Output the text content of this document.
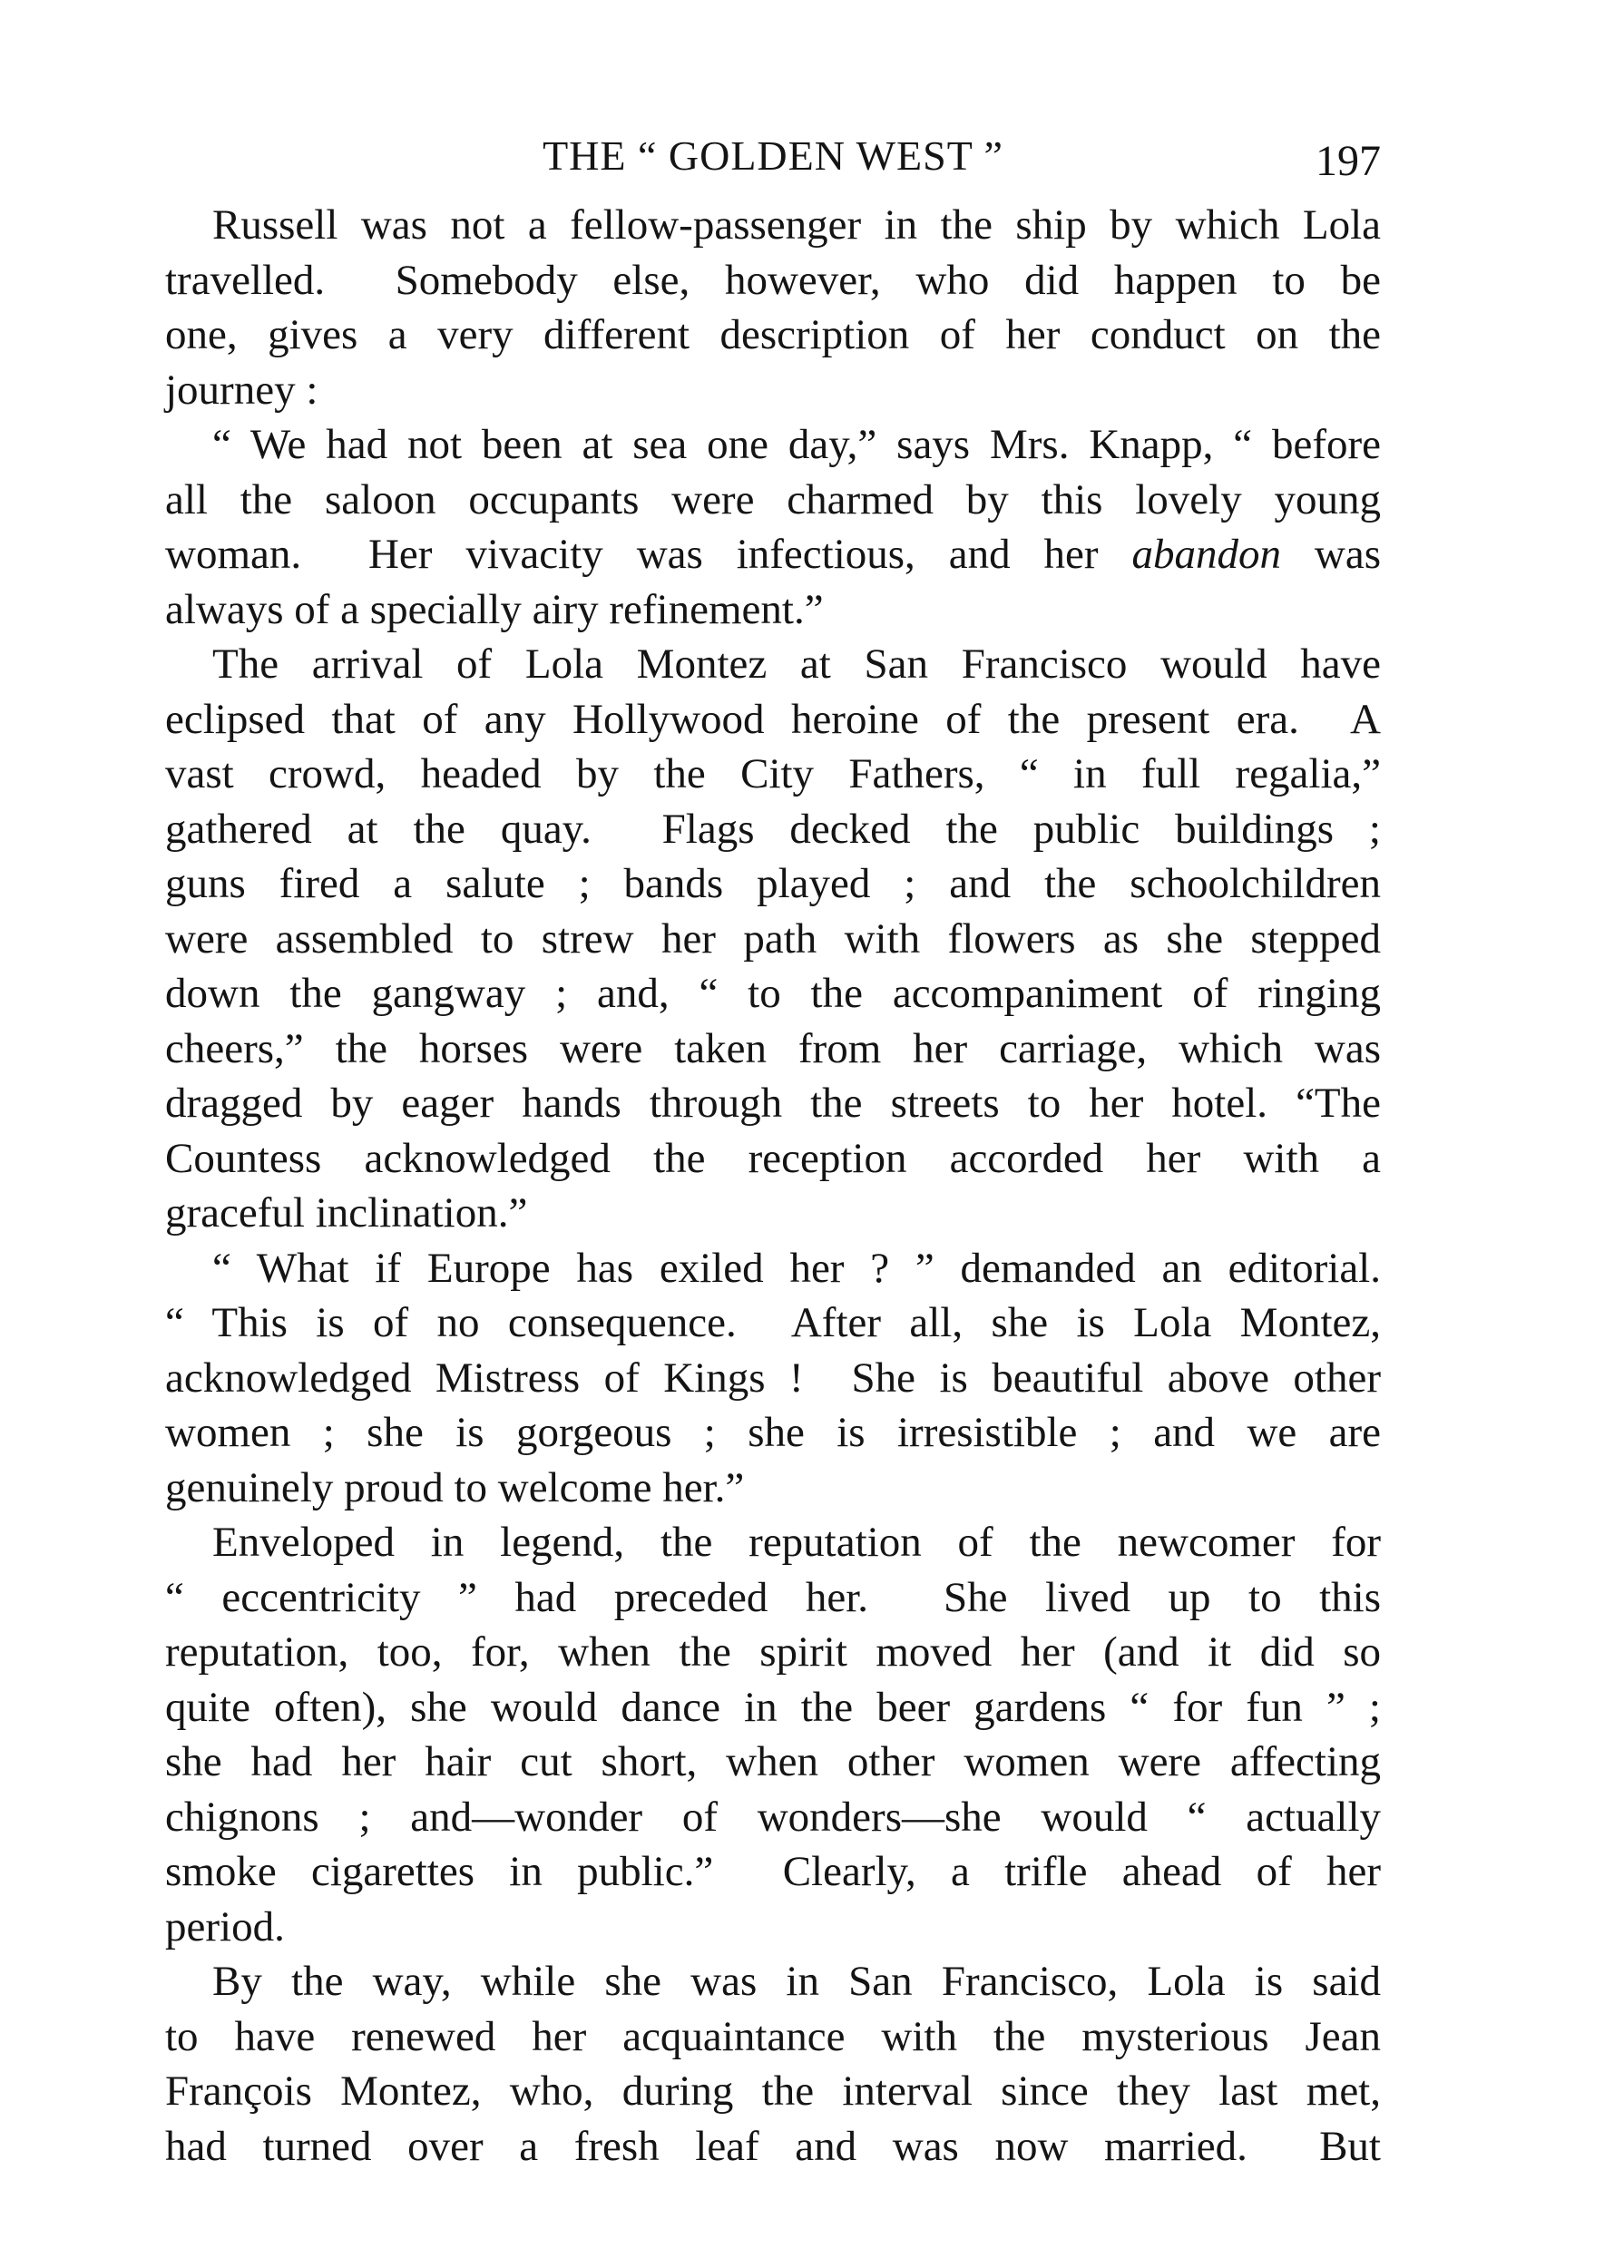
THE “ GOLDEN WEST ”	197
Russell was not a fellow-passenger in the ship by which Lola
travelled.  Somebody else, however, who did happen to be
one, gives a very different description of her conduct on the
journey :
“ We had not been at sea one day,” says Mrs. Knapp, “ before
all the saloon occupants were charmed by this lovely young
woman.  Her vivacity was infectious, and her abandon was
always of a specially airy refinement.”
The arrival of Lola Montez at San Francisco would have
eclipsed that of any Hollywood heroine of the present era.  A
vast crowd, headed by the City Fathers, “ in full regalia,”
gathered at the quay.  Flags decked the public buildings ;
guns fired a salute ; bands played ; and the schoolchildren
were assembled to strew her path with flowers as she stepped
down the gangway ; and, “ to the accompaniment of ringing
cheers,” the horses were taken from her carriage, which was
dragged by eager hands through the streets to her hotel. “The
Countess acknowledged the reception accorded her with a
graceful inclination.”
“ What if Europe has exiled her ? ” demanded an editorial.
“ This is of no consequence.  After all, she is Lola Montez,
acknowledged Mistress of Kings !  She is beautiful above other
women ; she is gorgeous ; she is irresistible ; and we are
genuinely proud to welcome her.”
Enveloped in legend, the reputation of the newcomer for
“ eccentricity ” had preceded her.  She lived up to this
reputation, too, for, when the spirit moved her (and it did so
quite often), she would dance in the beer gardens “ for fun ” ;
she had her hair cut short, when other women were affecting
chignons ; and—wonder of wonders—she would “ actually
smoke cigarettes in public.”  Clearly, a trifle ahead of her
period.
By the way, while she was in San Francisco, Lola is said
to have renewed her acquaintance with the mysterious Jean
François Montez, who, during the interval since they last met,
had turned over a fresh leaf and was now married.  But
